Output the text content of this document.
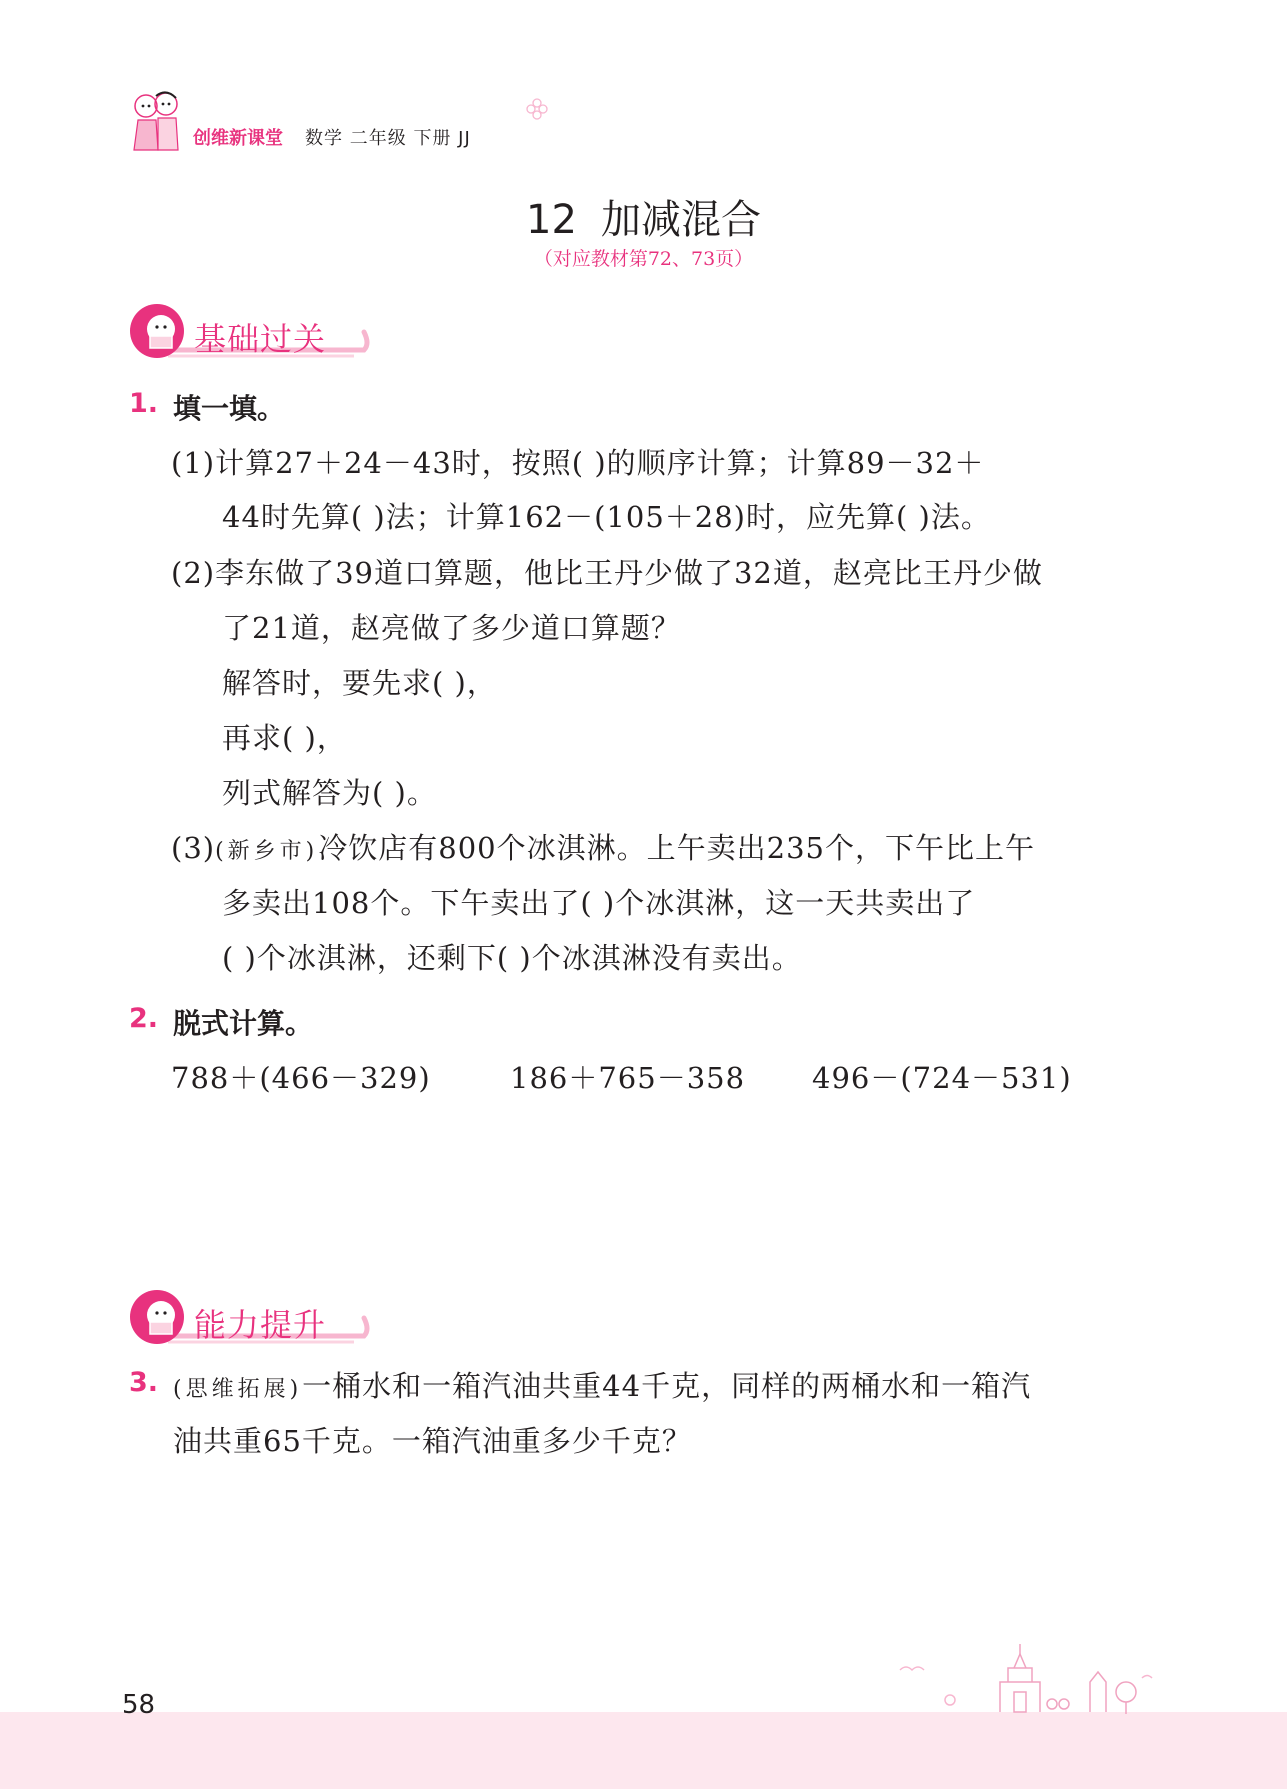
创维新课堂 数学 二年级 下册 JJ
12 加减混合
（对应教材第72、73页）
基础过关
1. 填一填。
(1)计算27＋24－43时，按照( )的顺序计算；计算89－32＋
44时先算( )法；计算162－(105＋28)时，应先算( )法。
(2)李东做了39道口算题，他比王丹少做了32道，赵亮比王丹少做
了21道，赵亮做了多少道口算题？
解答时，要先求( )，
再求( )，
列式解答为( )。
(3)(新乡市)冷饮店有800个冰淇淋。上午卖出235个，下午比上午
多卖出108个。下午卖出了( )个冰淇淋，这一天共卖出了
( )个冰淇淋，还剩下( )个冰淇淋没有卖出。
2. 脱式计算。
788＋(466－329)	186＋765－358 496－(724－531)
能力提升
3. (思维拓展)一桶水和一箱汽油共重44千克，同样的两桶水和一箱汽
油共重65千克。一箱汽油重多少千克？
58
